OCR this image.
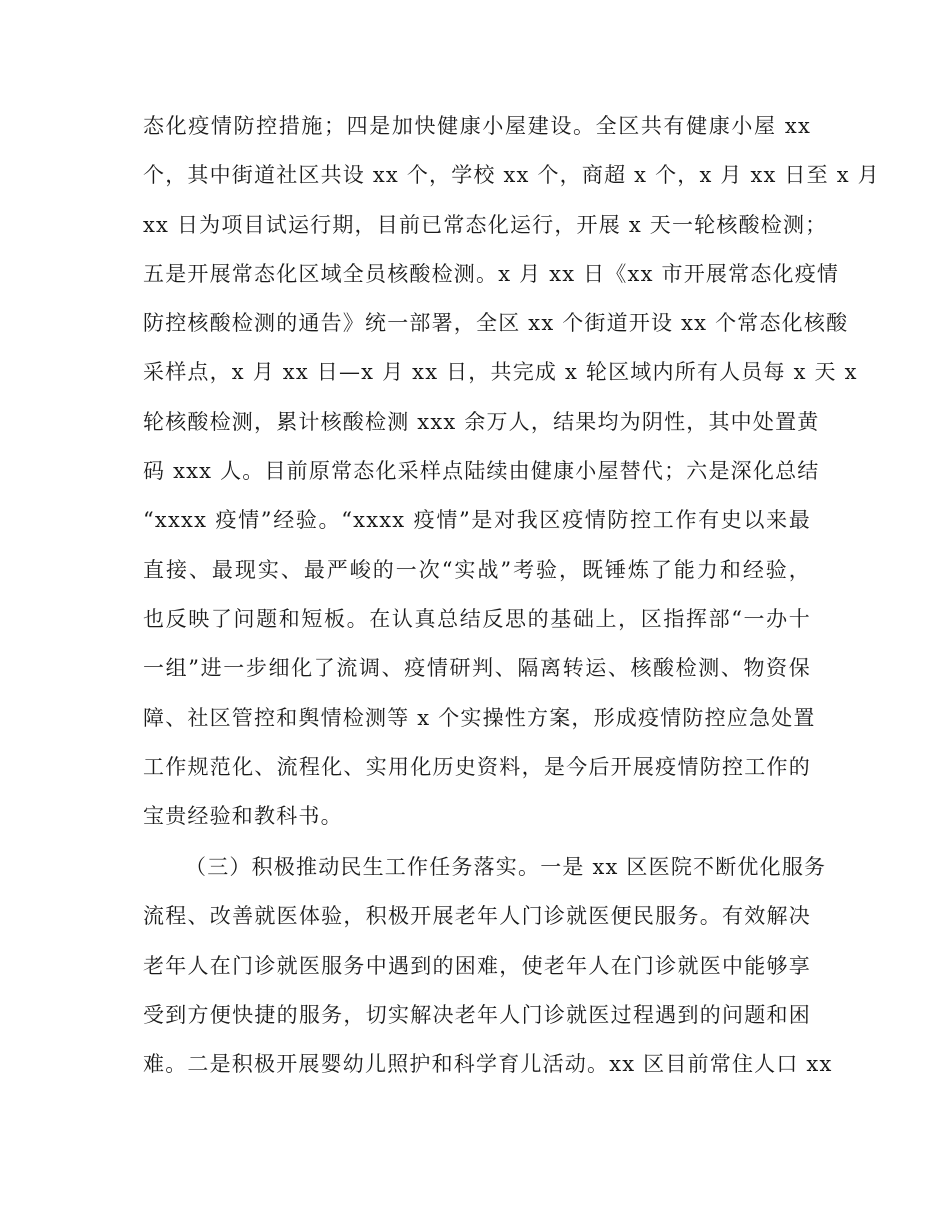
态化疫情防控措施；四是加快健康小屋建设。全区共有健康小屋 xx
个，其中街道社区共设 xx 个，学校 xx 个，商超 x 个，x 月 xx 日至 x 月
xx 日为项目试运行期，目前已常态化运行，开展 x 天一轮核酸检测；
五是开展常态化区域全员核酸检测。x 月 xx 日《xx 市开展常态化疫情
防控核酸检测的通告》统一部署，全区 xx 个街道开设 xx 个常态化核酸
采样点，x 月 xx 日—x 月 xx 日，共完成 x 轮区域内所有人员每 x 天 x
轮核酸检测，累计核酸检测 xxx 余万人，结果均为阴性，其中处置黄
码 xxx 人。目前原常态化采样点陆续由健康小屋替代；六是深化总结
“xxxx 疫情”经验。“xxxx 疫情”是对我区疫情防控工作有史以来最
直接、最现实、最严峻的一次“实战”考验，既锤炼了能力和经验，
也反映了问题和短板。在认真总结反思的基础上，区指挥部“一办十
一组”进一步细化了流调、疫情研判、隔离转运、核酸检测、物资保
障、社区管控和舆情检测等 x 个实操性方案，形成疫情防控应急处置
工作规范化、流程化、实用化历史资料，是今后开展疫情防控工作的
宝贵经验和教科书。
（三）积极推动民生工作任务落实。一是 xx 区医院不断优化服务
流程、改善就医体验，积极开展老年人门诊就医便民服务。有效解决
老年人在门诊就医服务中遇到的困难，使老年人在门诊就医中能够享
受到方便快捷的服务，切实解决老年人门诊就医过程遇到的问题和困
难。二是积极开展婴幼儿照护和科学育儿活动。xx 区目前常住人口 xx
